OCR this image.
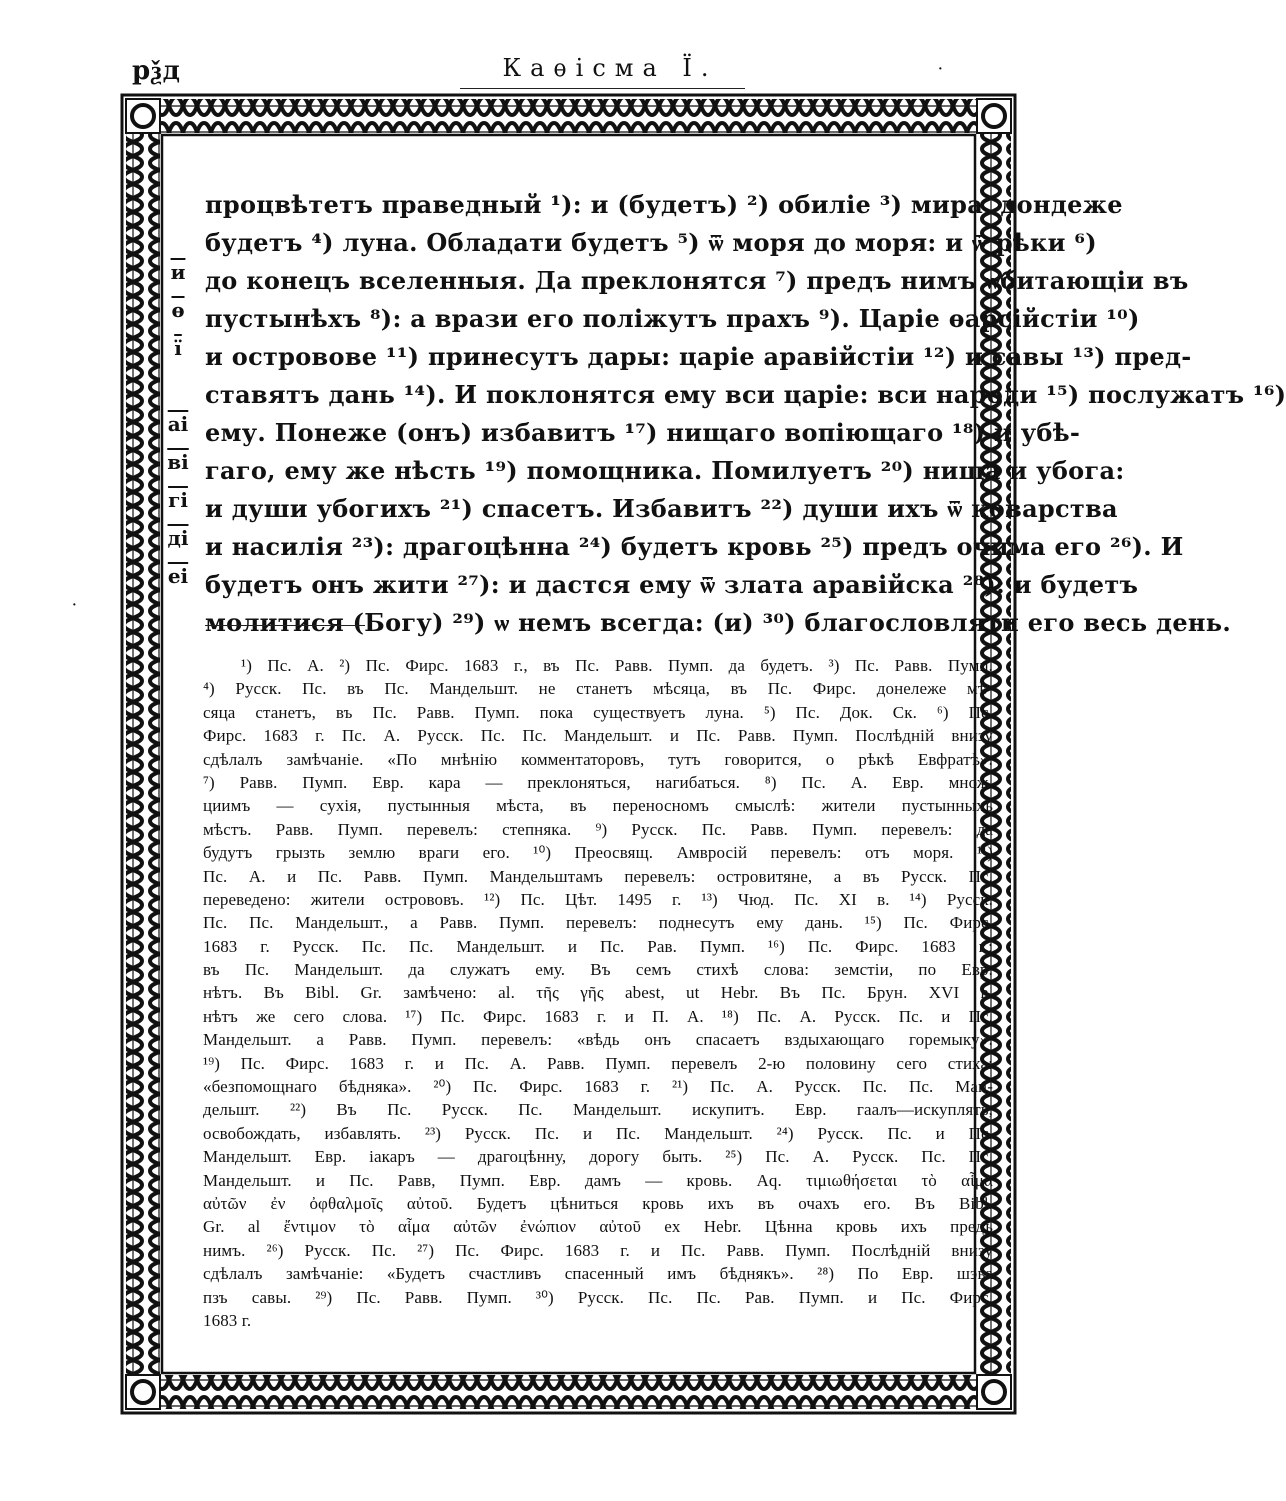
рѯд	Каѳісма Ї.
и
ѳ
ї
аі
ві
гі
ді
еі
процвѣтетъ праведный ¹): и (будетъ) ²) обиліе ³) мира, дондеже
будетъ ⁴) луна. Обладати будетъ ⁵) ѿ моря до моря: и ѿ рѣки ⁶)
до конецъ вселенныя. Да преклонятся ⁷) предъ нимъ ѡбитающіи въ
пустынѣхъ ⁸): а врази его поліжутъ прахъ ⁹). Царіе ѳарсійстіи ¹⁰)
и островове ¹¹) принесутъ дары: царіе аравійстіи ¹²) и савы ¹³) пред-
ставятъ дань ¹⁴). И поклонятся ему вси царіе: вси народи ¹⁵) послужатъ ¹⁶)
ему. Понеже (онъ) избавитъ ¹⁷) нищаго вопіющаго ¹⁸) и убѣ-
гаго, ему же нѣсть ¹⁹) помощника. Помилуетъ ²⁰) нища и убога:
и души убогихъ ²¹) спасетъ. Избавитъ ²²) души ихъ ѿ коварства
и насилія ²³): драгоцѣнна ²⁴) будетъ кровь ²⁵) предъ очима его ²⁶). И
будетъ онъ жити ²⁷): и дастся ему ѿ злата аравійска ²⁸): и будетъ
молитися (Богу) ²⁹) ѡ немъ всегда: (и) ³⁰) благословляти его весь день.
¹) Пс. А. ²) Пс. Фирс. 1683 г., въ Пс. Равв. Пумп. да будетъ. ³) Пс. Равв. Пумп.
⁴) Русск. Пс. въ Пс. Мандельшт. не станетъ мѣсяца, въ Пс. Фирс. донележе мѣ-
сяца станетъ, въ Пс. Равв. Пумп. пока существуетъ луна. ⁵) Пс. Док. Ск. ⁶) Пс.
Фирс. 1683 г. Пс. А. Русск. Пс. Пс. Мандельшт. и Пс. Равв. Пумп. Послѣдній внизу
сдѣлалъ замѣчаніе. «По мнѣнію комментаторовъ, тутъ говорится, о рѣкѣ Евфратѣ».
⁷) Равв. Пумп. Евр. кара — преклоняться, нагибаться. ⁸) Пс. А. Евр. множ.
циимъ — сухія, пустынныя мѣста, въ переносномъ смыслѣ: жители пустынныхъ
мѣстъ. Равв. Пумп. перевелъ: степняка. ⁹) Русск. Пс. Равв. Пумп. перевелъ: да
будутъ грызть землю враги его. ¹⁰) Преосвящ. Амвросій перевелъ: отъ моря. ¹¹)
Пс. А. и Пс. Равв. Пумп. Мандельштамъ перевелъ: островитяне, а въ Русск. Пс.
переведено: жители острововъ. ¹²) Пс. Цѣт. 1495 г. ¹³) Чюд. Пс. XI в. ¹⁴) Русск.
Пс. Пс. Мандельшт., а Равв. Пумп. перевелъ: поднесутъ ему дань. ¹⁵) Пс. Фирс.
1683 г. Русск. Пс. Пс. Мандельшт. и Пс. Рав. Пумп. ¹⁶) Пс. Фирс. 1683 г.;
въ Пс. Мандельшт. да служатъ ему. Въ семъ стихѣ слова: земстіи, по Евр.
нѣтъ. Въ Bibl. Gr. замѣчено: al. τῆς γῆς abest, ut Hebr. Въ Пс. Брун. XVI в.
нѣтъ же сего слова. ¹⁷) Пс. Фирс. 1683 г. и П. А. ¹⁸) Пс. А. Русск. Пс. и Пс.
Мандельшт. а Равв. Пумп. перевелъ: «вѣдь онъ спасаетъ вздыхающаго горемыку».
¹⁹) Пс. Фирс. 1683 г. и Пс. А. Равв. Пумп. перевелъ 2-ю половину сего стиха:
«безпомощнаго бѣдняка». ²⁰) Пс. Фирс. 1683 г. ²¹) Пс. А. Русск. Пс. Пс. Ман-
дельшт. ²²) Въ Пс. Русск. Пс. Мандельшт. искупитъ. Евр. гаалъ—искуплять,
освобождать, избавлять. ²³) Русск. Пс. и Пс. Мандельшт. ²⁴) Русск. Пс. и Пс.
Мандельшт. Евр. іакаръ — драгоцѣнну, дорогу быть. ²⁵) Пс. А. Русск. Пс. Пс.
Мандельшт. и Пс. Равв, Пумп. Евр. дамъ — кровь. Aq. τιμιωθήσεται τὸ αἷμα
αὐτῶν ἐν ὀφθαλμοῖς αὐτοῦ. Будетъ цѣниться кровь ихъ въ очахъ его. Въ Bibl.
Gr. al ἔντιμον τὸ αἷμα αὐτῶν ἐνώπιον αὐτοῦ ex Hebr. Цѣнна кровь ихъ предъ
нимъ. ²⁶) Русск. Пс. ²⁷) Пс. Фирс. 1683 г. и Пс. Равв. Пумп. Послѣдній внизу
сдѣлалъ замѣчаніе: «Будетъ счастливъ спасенный имъ бѣднякъ». ²⁸) По Евр. шэва
пзъ савы. ²⁹) Пс. Равв. Пумп. ³⁰) Русск. Пс. Пс. Рав. Пумп. и Пс. Фирс.
1683 г.
·
·
